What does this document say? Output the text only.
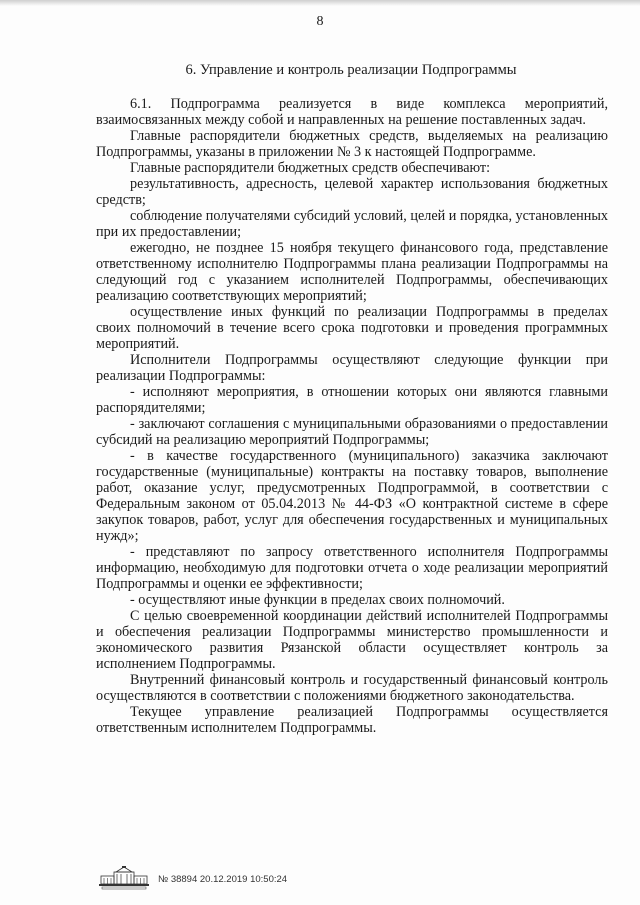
8
6. Управление и контроль реализации Подпрограммы

6.1. Подпрограмма реализуется в виде комплекса мероприятий, взаимосвязанных между собой и направленных на решение поставленных задач.

Главные распорядители бюджетных средств, выделяемых на реализацию Подпрограммы, указаны в приложении № 3 к настоящей Подпрограмме.

Главные распорядители бюджетных средств обеспечивают:

результативность, адресность, целевой характер использования бюджетных средств;

соблюдение получателями субсидий условий, целей и порядка, установленных при их предоставлении;

ежегодно, не позднее 15 ноября текущего финансового года, представление ответственному исполнителю Подпрограммы плана реализации Подпрограммы на следующий год с указанием исполнителей Подпрограммы, обеспечивающих реализацию соответствующих мероприятий;

осуществление иных функций по реализации Подпрограммы в пределах своих полномочий в течение всего срока подготовки и проведения программных мероприятий.

Исполнители Подпрограммы осуществляют следующие функции при реализации Подпрограммы:

- исполняют мероприятия, в отношении которых они являются главными распорядителями;

- заключают соглашения с муниципальными образованиями о предоставлении субсидий на реализацию мероприятий Подпрограммы;

- в качестве государственного (муниципального) заказчика заключают государственные (муниципальные) контракты на поставку товаров, выполнение работ, оказание услуг, предусмотренных Подпрограммой, в соответствии с Федеральным законом от 05.04.2013 № 44-ФЗ «О контрактной системе в сфере закупок товаров, работ, услуг для обеспечения государственных и муниципальных нужд»;

- представляют по запросу ответственного исполнителя Подпрограммы информацию, необходимую для подготовки отчета о ходе реализации мероприятий Подпрограммы и оценки ее эффективности;

- осуществляют иные функции в пределах своих полномочий.

С целью своевременной координации действий исполнителей Подпрограммы и обеспечения реализации Подпрограммы министерство промышленности и экономического развития Рязанской области осуществляет контроль за исполнением Подпрограммы.

Внутренний финансовый контроль и государственный финансовый контроль осуществляются в соответствии с положениями бюджетного законодательства.

Текущее управление реализацией Подпрограммы осуществляется ответственным исполнителем Подпрограммы.

№ 38894 20.12.2019 10:50:24
